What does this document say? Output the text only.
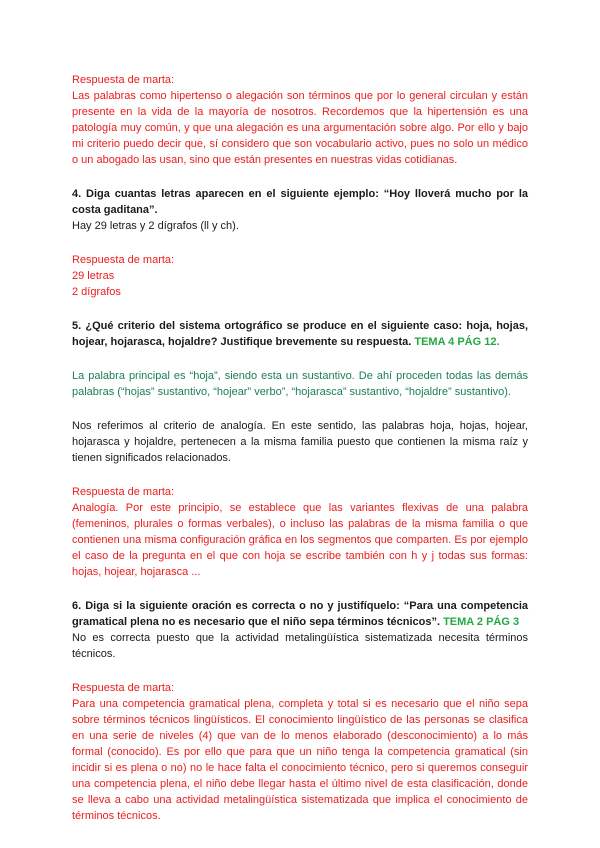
Respuesta de marta:

Las palabras como hipertenso o alegación son términos que por lo general circulan y están presente en la vida de la mayoría de nosotros. Recordemos que la hipertensión es una patología muy común, y que una alegación es una argumentación sobre algo. Por ello y bajo mi criterio puedo decir que, sí considero que son vocabulario activo, pues no solo un médico o un abogado las usan, sino que están presentes en nuestras vidas cotidianas.

4. Diga cuantas letras aparecen en el siguiente ejemplo: “Hoy lloverá mucho por la costa gaditana”.

Hay 29 letras y 2 dígrafos (ll y ch).

Respuesta de marta:

29 letras

2 dígrafos

5. ¿Qué criterio del sistema ortográfico se produce en el siguiente caso: hoja, hojas, hojear, hojarasca, hojaldre? Justifique brevemente su respuesta. TEMA 4 PÁG 12.

La palabra principal es “hoja”, siendo esta un sustantivo. De ahí proceden todas las demás palabras (“hojas” sustantivo, “hojear” verbo”, “hojarasca” sustantivo, “hojaldre” sustantivo).

Nos referimos al criterio de analogía. En este sentido, las palabras hoja, hojas, hojear, hojarasca y hojaldre, pertenecen a la misma familia puesto que contienen la misma raíz y tienen significados relacionados.

Respuesta de marta:

Analogía. Por este principio, se establece que las variantes flexivas de una palabra (femeninos, plurales o formas verbales), o incluso las palabras de la misma familia o que contienen una misma configuración gráfica en los segmentos que comparten. Es por ejemplo el caso de la pregunta en el que con hoja se escribe también con h y j todas sus formas: hojas, hojear, hojarasca ...

6. Diga si la siguiente oración es correcta o no y justifíquelo: “Para una competencia gramatical plena no es necesario que el niño sepa términos técnicos”. TEMA 2 PÁG 3

No es correcta puesto que la actividad metalingüística sistematizada necesita términos técnicos.

Respuesta de marta:

Para una competencia gramatical plena, completa y total si es necesario que el niño sepa sobre términos técnicos lingüísticos. El conocimiento lingüístico de las personas se clasifica en una serie de niveles (4) que van de lo menos elaborado (desconocimiento) a lo más formal (conocido). Es por ello que para que un niño tenga la competencia gramatical (sin incidir si es plena o no) no le hace falta el conocimiento técnico, pero si queremos conseguir una competencia plena, el niño debe llegar hasta el último nivel de esta clasificación, donde se lleva a cabo una actividad metalingüística sistematizada que implica el conocimiento de términos técnicos.
